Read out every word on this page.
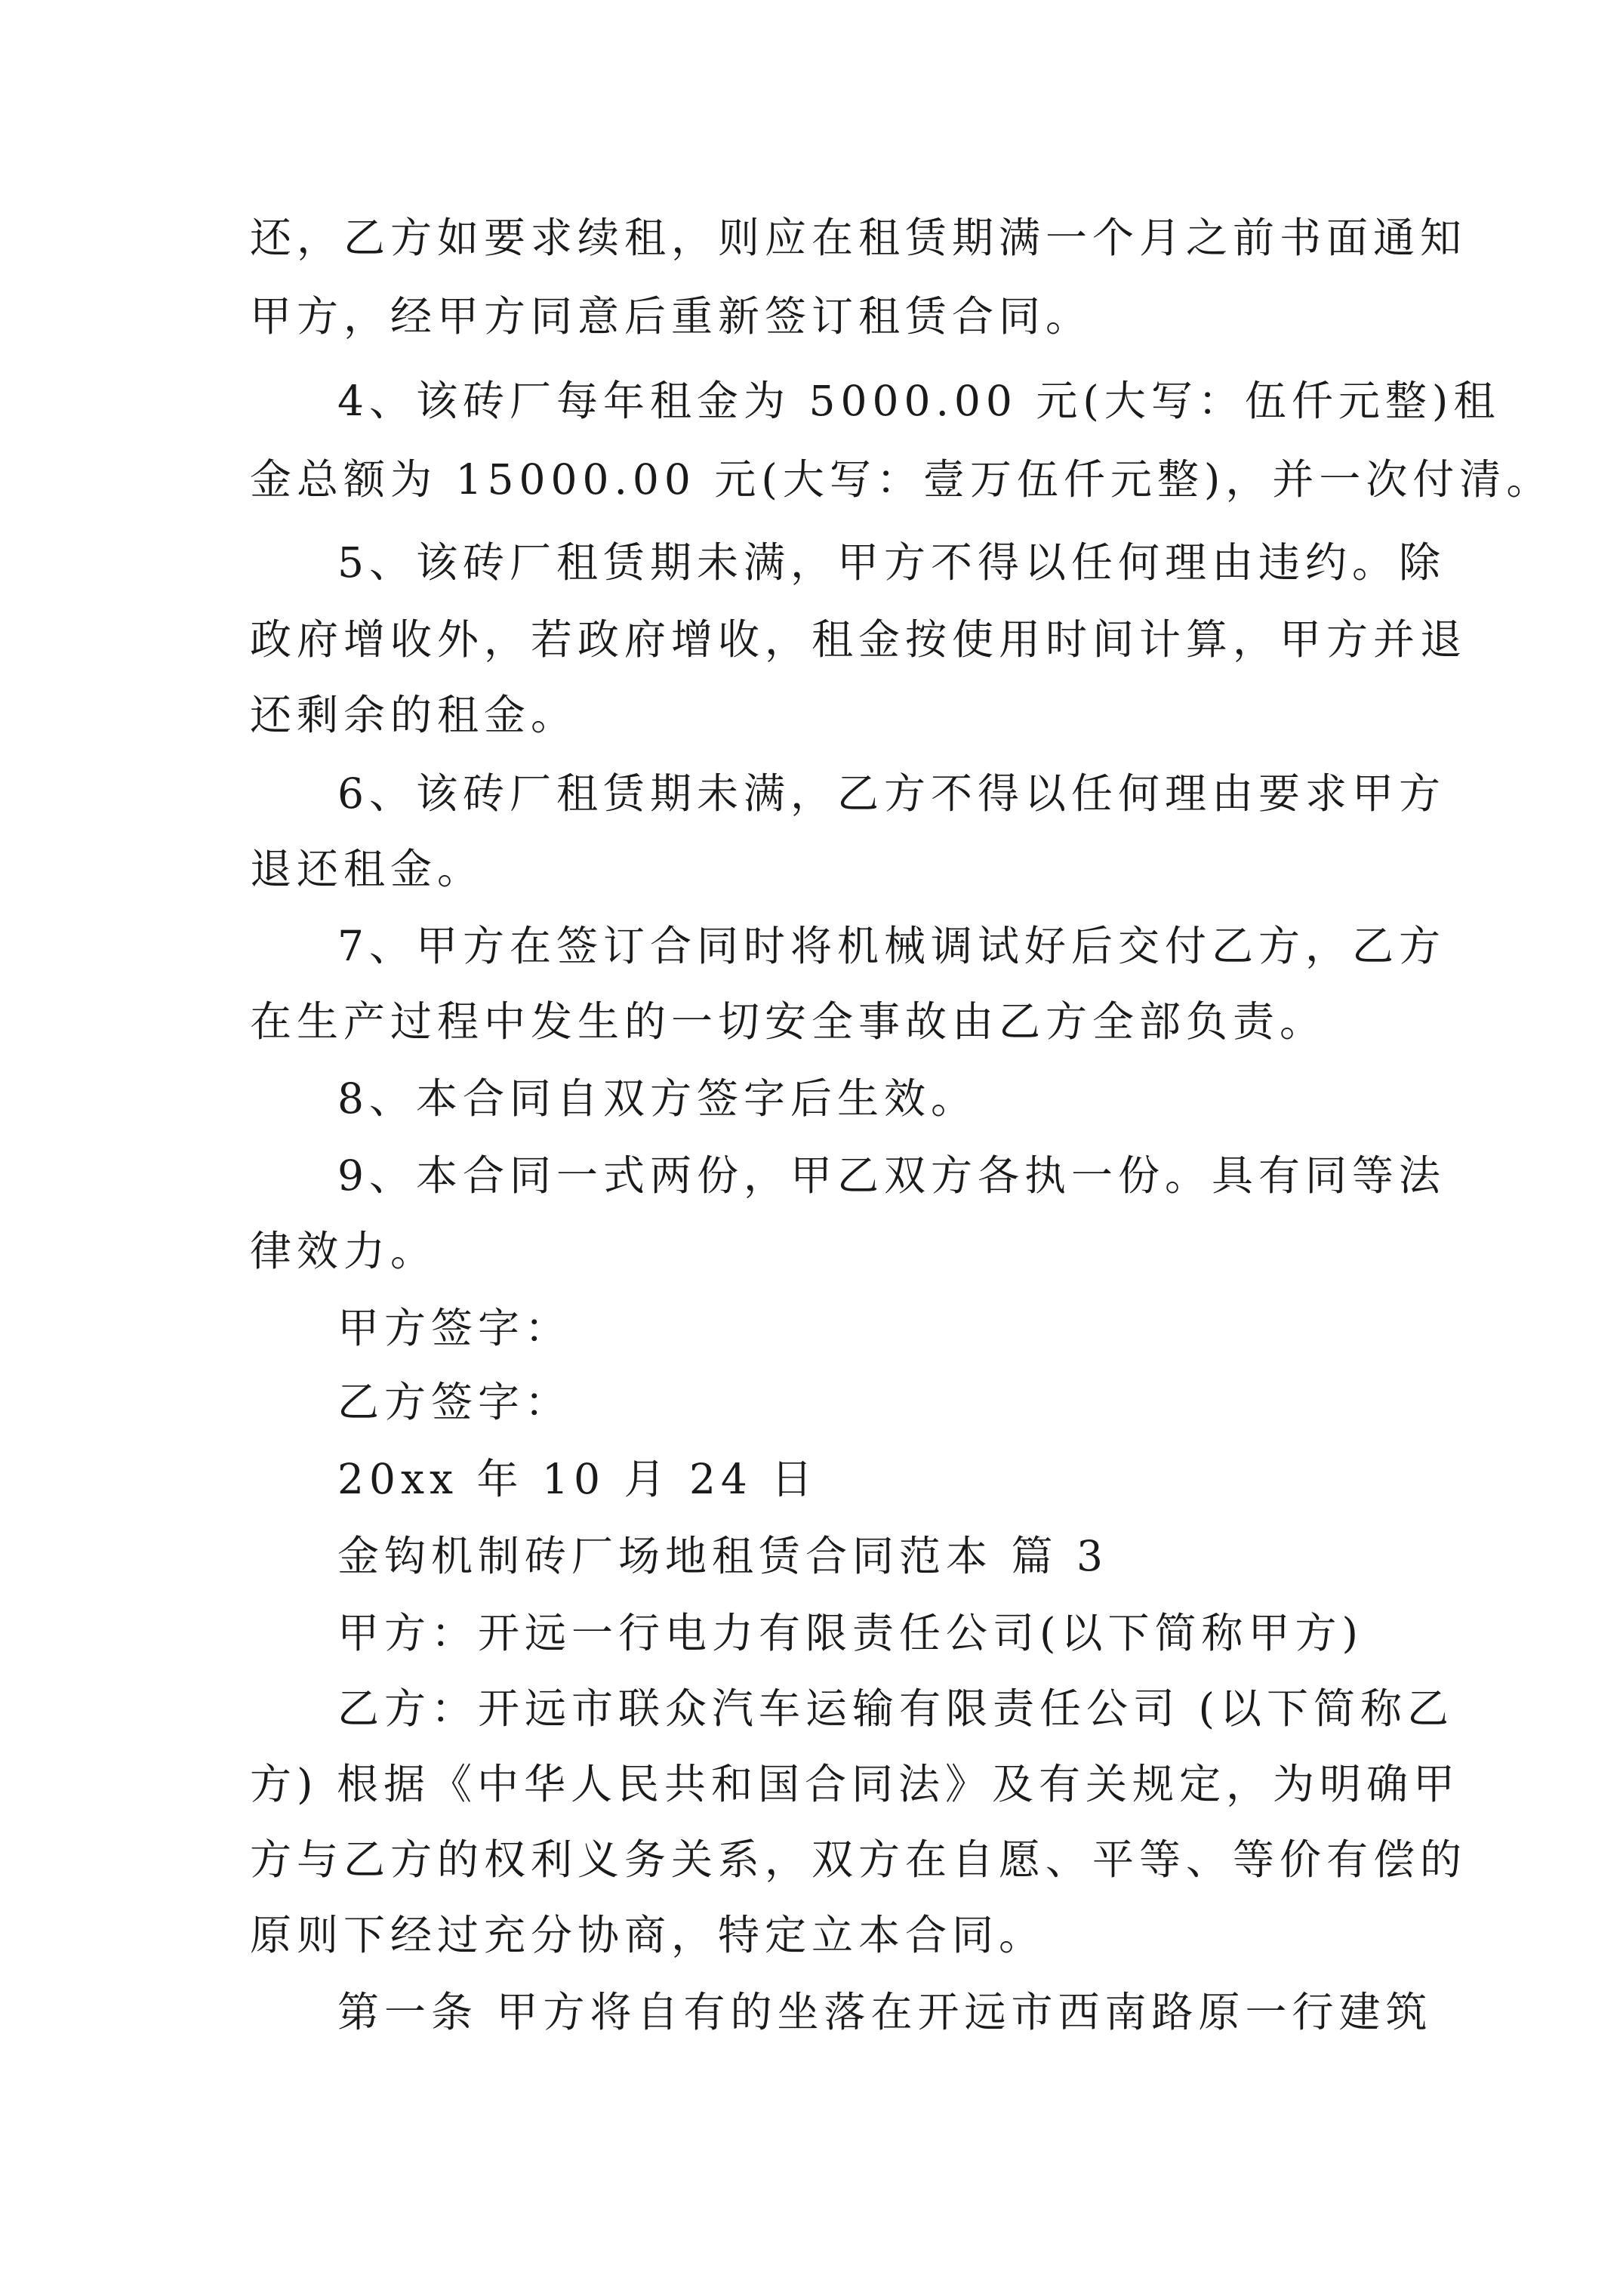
还，乙方如要求续租，则应在租赁期满一个月之前书面通知
甲方，经甲方同意后重新签订租赁合同。
4、该砖厂每年租金为 5000.00 元(大写：伍仟元整)租
金总额为 15000.00 元(大写：壹万伍仟元整)，并一次付清。
5、该砖厂租赁期未满，甲方不得以任何理由违约。除
政府增收外，若政府增收，租金按使用时间计算，甲方并退
还剩余的租金。
6、该砖厂租赁期未满，乙方不得以任何理由要求甲方
退还租金。
7、甲方在签订合同时将机械调试好后交付乙方，乙方
在生产过程中发生的一切安全事故由乙方全部负责。
8、本合同自双方签字后生效。
9、本合同一式两份，甲乙双方各执一份。具有同等法
律效力。
甲方签字：
乙方签字：
20xx 年 10 月 24 日
金钩机制砖厂场地租赁合同范本 篇 3
甲方：开远一行电力有限责任公司(以下简称甲方)
乙方：开远市联众汽车运输有限责任公司 (以下简称乙
方) 根据《中华人民共和国合同法》及有关规定，为明确甲
方与乙方的权利义务关系，双方在自愿、平等、等价有偿的
原则下经过充分协商，特定立本合同。
第一条 甲方将自有的坐落在开远市西南路原一行建筑
